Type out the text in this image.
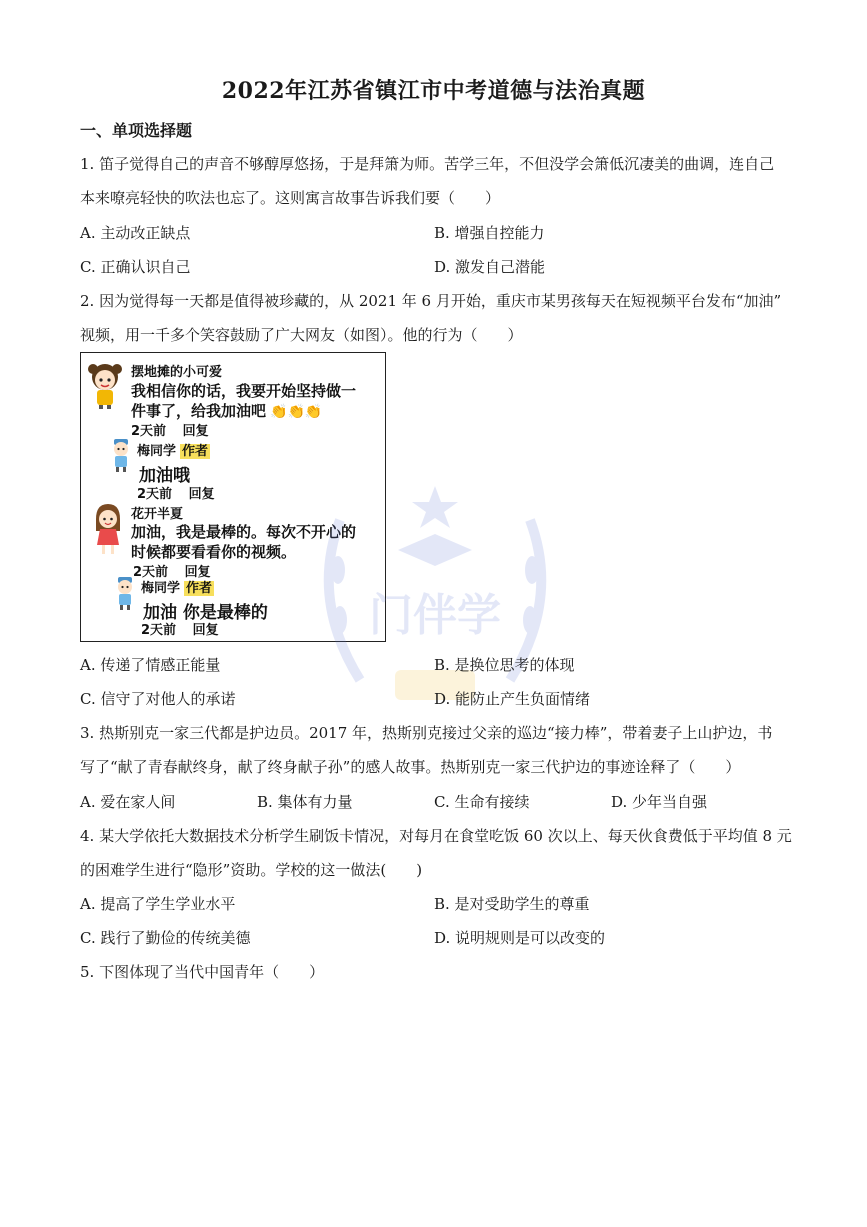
2022年江苏省镇江市中考道德与法治真题
一、单项选择题
1. 笛子觉得自己的声音不够醇厚悠扬，于是拜箫为师。苦学三年，不但没学会箫低沉凄美的曲调，连自己
本来嘹亮轻快的吹法也忘了。这则寓言故事告诉我们要（　　）
A. 主动改正缺点	B. 增强自控能力
C. 正确认识自己	D. 激发自己潜能
2. 因为觉得每一天都是值得被珍藏的，从 2021 年 6 月开始，重庆市某男孩每天在短视频平台发布“加油”
视频，用一千多个笑容鼓励了广大网友（如图）。他的行为（　　）
摆地摊的小可爱
我相信你的话，我要开始坚持做一
件事了，给我加油吧 👏👏👏
2天前 回复
梅同学 作者
加油哦
2天前 回复
花开半夏
加油，我是最棒的。每次不开心的
时候都要看看你的视频。
2天前 回复
梅同学 作者
加油 你是最棒的
2天前 回复	门伴学
A. 传递了情感正能量	B. 是换位思考的体现
C. 信守了对他人的承诺	D. 能防止产生负面情绪
3. 热斯别克一家三代都是护边员。2017 年，热斯别克接过父亲的巡边“接力棒”，带着妻子上山护边，书
写了“献了青春献终身，献了终身献子孙”的感人故事。热斯别克一家三代护边的事迹诠释了（　　）
A. 爱在家人间	B. 集体有力量	C. 生命有接续	D. 少年当自强
4. 某大学依托大数据技术分析学生刷饭卡情况，对每月在食堂吃饭 60 次以上、每天伙食费低于平均值 8 元
的困难学生进行“隐形”资助。学校的这一做法(　　)
A. 提高了学生学业水平	B. 是对受助学生的尊重
C. 践行了勤俭的传统美德	D. 说明规则是可以改变的
5. 下图体现了当代中国青年（　　）
